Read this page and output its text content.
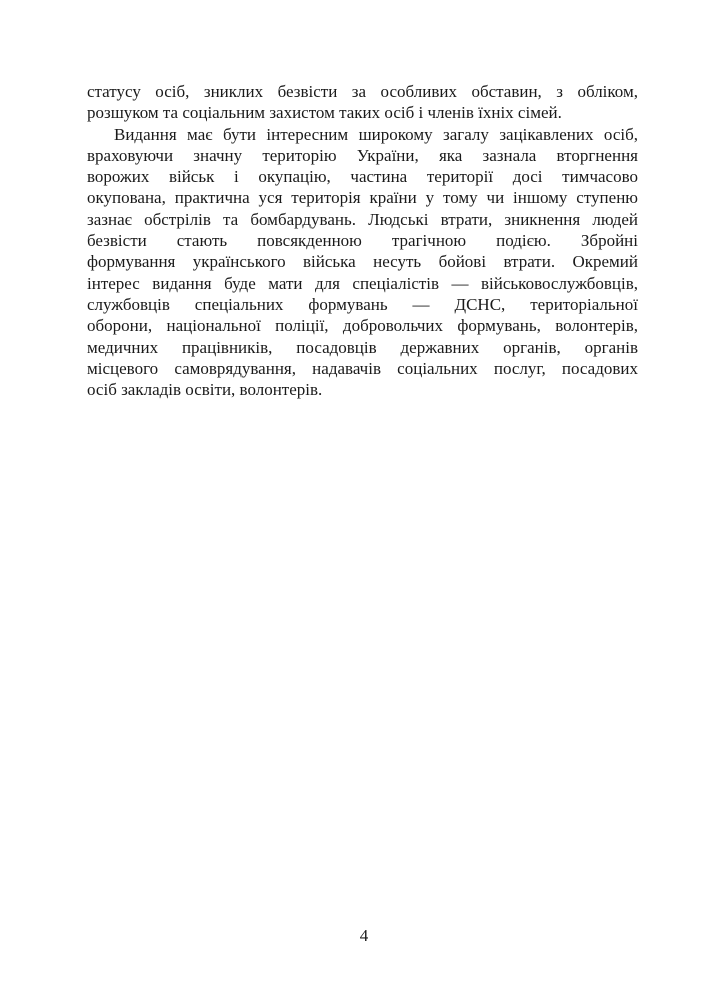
статусу осіб, зниклих безвісти за особливих обставин, з обліком,
розшуком та соціальним захистом таких осіб і членів їхніх сімей.
Видання має бути інтересним широкому загалу зацікавлених осіб,
враховуючи значну територію України, яка зазнала вторгнення
ворожих військ і окупацію, частина території досі тимчасово
окупована, практична уся територія країни у тому чи іншому ступеню
зазнає обстрілів та бомбардувань. Людські втрати, зникнення людей
безвісти стають повсякденною трагічною подією. Збройні
формування українського війська несуть бойові втрати. Окремий
інтерес видання буде мати для спеціалістів — військовослужбовців,
службовців спеціальних формувань — ДСНС, територіальної
оборони, національної поліції, добровольчих формувань, волонтерів,
медичних працівників, посадовців державних органів, органів
місцевого самоврядування, надавачів соціальних послуг, посадових
осіб закладів освіти, волонтерів.
4
